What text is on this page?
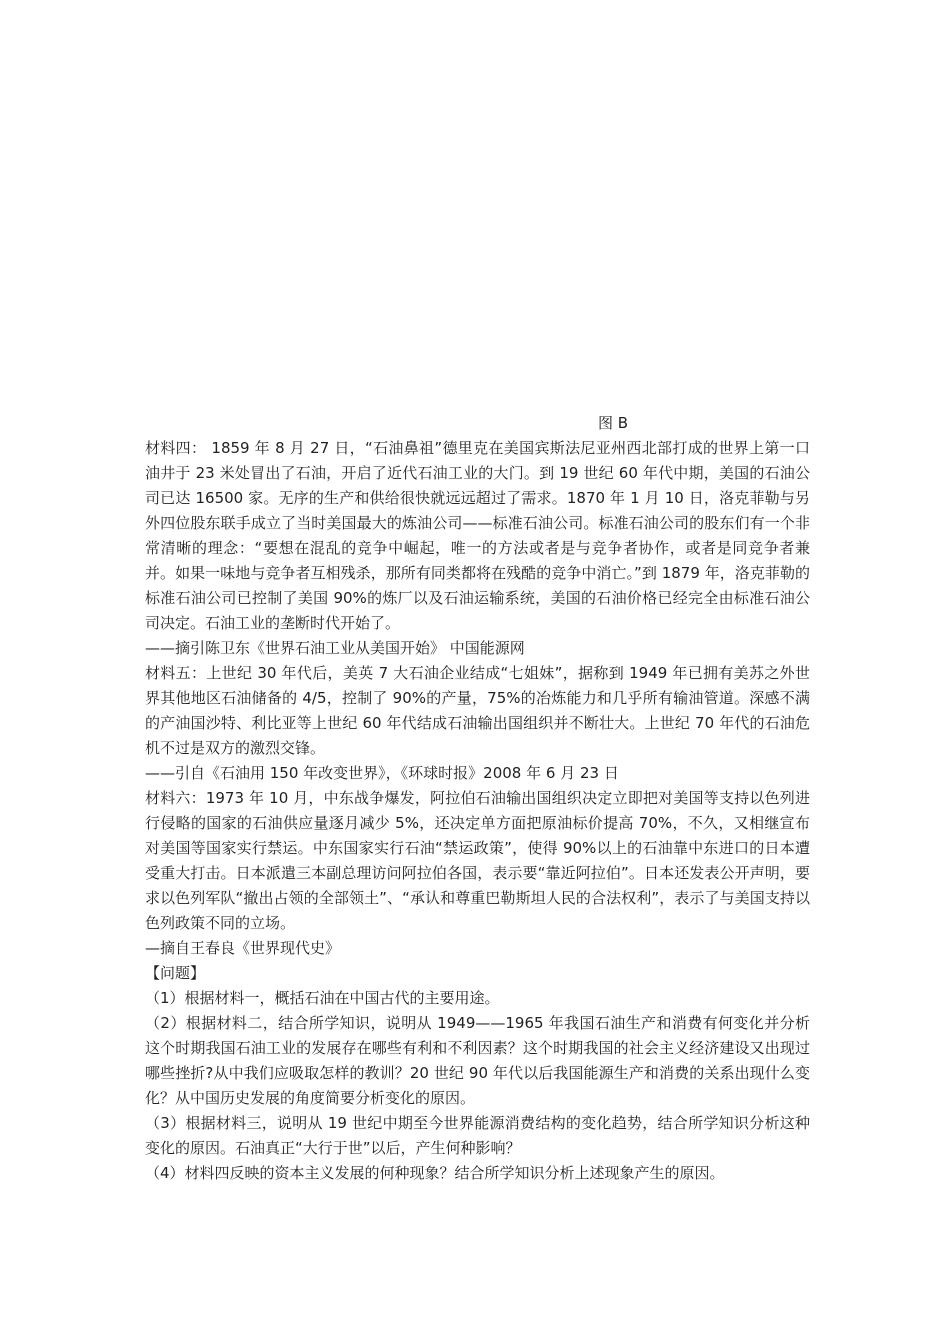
图 B

材料四： 1859 年 8 月 27 日，“石油鼻祖”德里克在美国宾斯法尼亚州西北部打成的世界上第一口油井于 23 米处冒出了石油，开启了近代石油工业的大门。到 19 世纪 60 年代中期，美国的石油公司已达 16500 家。无序的生产和供给很快就远远超过了需求。1870 年 1 月 10 日，洛克菲勒与另外四位股东联手成立了当时美国最大的炼油公司——标准石油公司。标准石油公司的股东们有一个非常清晰的理念：“要想在混乱的竞争中崛起，唯一的方法或者是与竞争者协作，或者是同竞争者兼并。如果一味地与竞争者互相残杀，那所有同类都将在残酷的竞争中消亡。”到 1879 年，洛克菲勒的标准石油公司已控制了美国 90%的炼厂以及石油运输系统，美国的石油价格已经完全由标准石油公司决定。石油工业的垄断时代开始了。

——摘引陈卫东《世界石油工业从美国开始》 中国能源网

材料五：上世纪 30 年代后，美英 7 大石油企业结成“七姐妹”，据称到 1949 年已拥有美苏之外世界其他地区石油储备的 4/5，控制了 90%的产量，75%的冶炼能力和几乎所有输油管道。深感不满的产油国沙特、利比亚等上世纪 60 年代结成石油输出国组织并不断壮大。上世纪 70 年代的石油危机不过是双方的激烈交锋。

——引自《石油用 150 年改变世界》，《环球时报》2008 年 6 月 23 日

材料六：1973 年 10 月，中东战争爆发，阿拉伯石油输出国组织决定立即把对美国等支持以色列进行侵略的国家的石油供应量逐月减少 5%，还决定单方面把原油标价提高 70%，不久，又相继宣布对美国等国家实行禁运。中东国家实行石油“禁运政策”，使得 90%以上的石油靠中东进口的日本遭受重大打击。日本派遣三本副总理访问阿拉伯各国，表示要“靠近阿拉伯”。日本还发表公开声明，要求以色列军队“撤出占领的全部领土”、“承认和尊重巴勒斯坦人民的合法权利”，表示了与美国支持以色列政策不同的立场。

—摘自王春良《世界现代史》

【问题】

（1）根据材料一，概括石油在中国古代的主要用途。

（2）根据材料二，结合所学知识，说明从 1949——1965 年我国石油生产和消费有何变化并分析这个时期我国石油工业的发展存在哪些有利和不利因素？这个时期我国的社会主义经济建设又出现过哪些挫折?从中我们应吸取怎样的教训？20 世纪 90 年代以后我国能源生产和消费的关系出现什么变化？从中国历史发展的角度简要分析变化的原因。

（3）根据材料三，说明从 19 世纪中期至今世界能源消费结构的变化趋势，结合所学知识分析这种变化的原因。石油真正“大行于世”以后，产生何种影响？

（4）材料四反映的资本主义发展的何种现象？结合所学知识分析上述现象产生的原因。
